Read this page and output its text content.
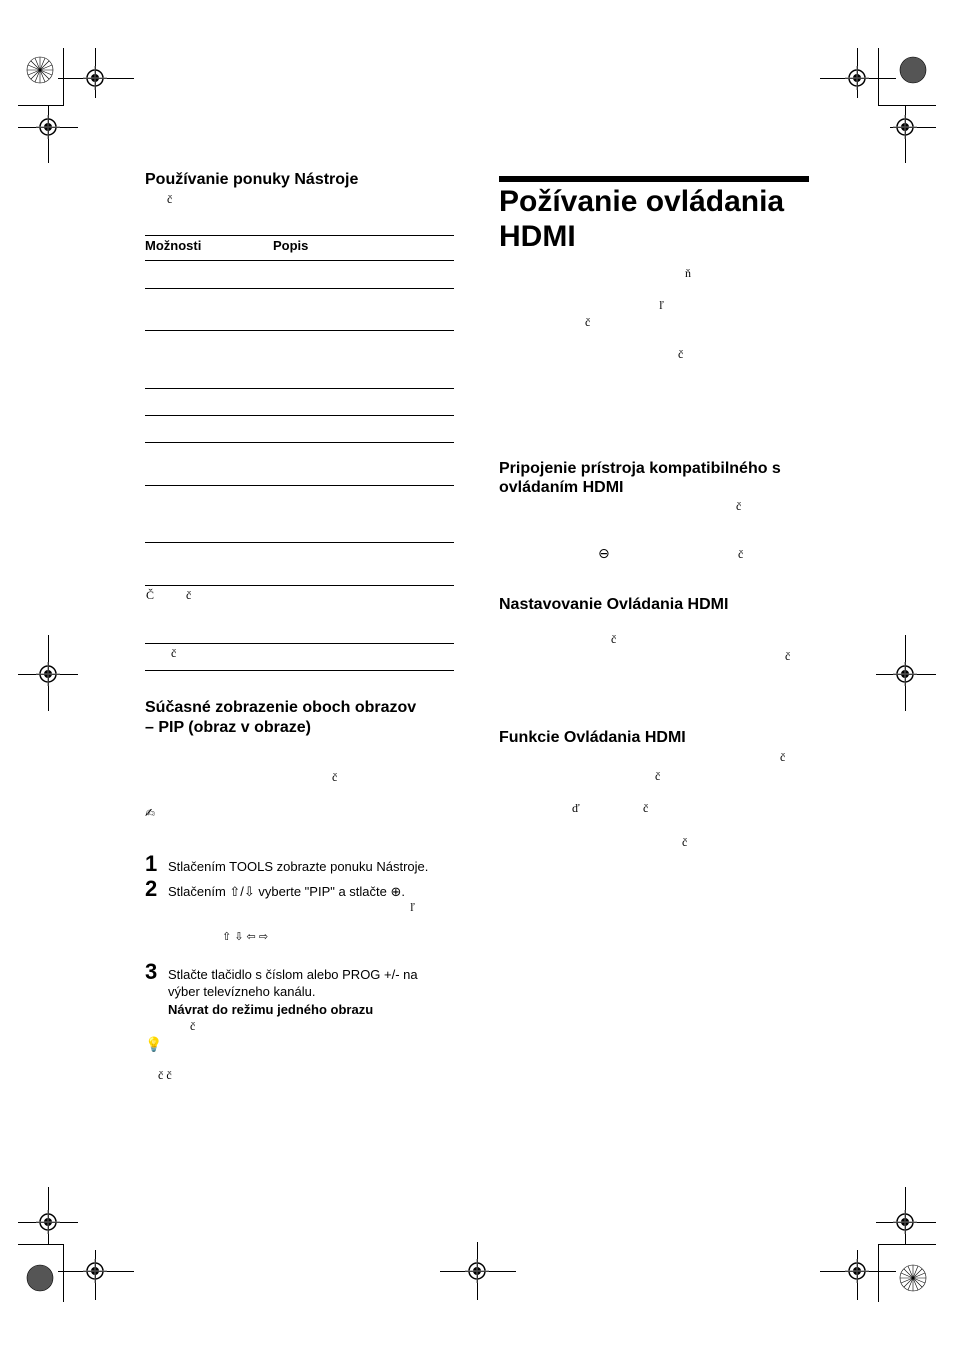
Používanie ponuky Nástroje
č
Možnosti	Popis
Č	č
č
Súčasné zobrazenie oboch obrazov
– PIP (obraz v obraze)
č
✍
1 Stlačením TOOLS zobrazte ponuku Nástroje.
2 Stlačením ⇧/⇩ vyberte "PIP" a stlačte ⊕.
ľ
⇧ ⇩ ⇦ ⇨
3 Stlačte tlačidlo s číslom alebo PROG +/- na
výber televízneho kanálu.
Návrat do režimu jedného obrazu
č
💡
č č
Požívanie ovládania
HDMI
ň
ľ
č
č
Pripojenie prístroja kompatibilného s
ovládaním HDMI
č
⊖	č
Nastavovanie Ovládania HDMI
č
č
Funkcie Ovládania HDMI
č
č
ď	č
č
